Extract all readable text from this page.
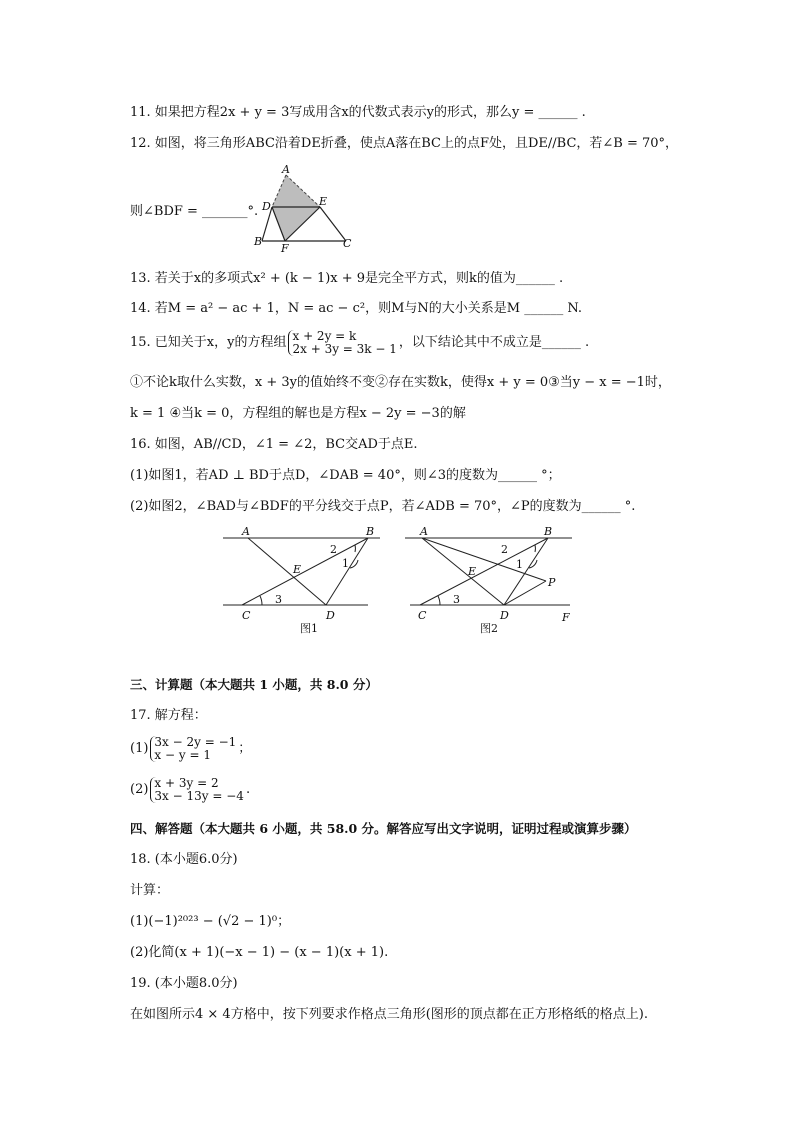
11. 如果把方程2x + y = 3写成用含x的代数式表示y的形式，那么y = ______ .
12. 如图，将三角形ABC沿着DE折叠，使点A落在BC上的点F处，且DE//BC，若∠B = 70°，
则∠BDF = _______°.
A
D	E
B
F	C
13. 若关于x的多项式x² + (k − 1)x + 9是完全平方式，则k的值为______ .
14. 若M = a² − ac + 1，N = ac − c²，则M与N的大小关系是M ______ N.
15. 已知关于x，y的方程组 x + 2y = k
2x + 3y = 3k − 1 ，以下结论其中不成立是______ .
①不论k取什么实数，x + 3y的值始终不变②存在实数k，使得x + y = 0③当y − x = −1时，
k = 1 ④当k = 0，方程组的解也是方程x − 2y = −3的解
16. 如图，AB//CD，∠1 = ∠2，BC交AD于点E.
(1)如图1，若AD ⊥ BD于点D，∠DAB = 40°，则∠3的度数为______ °；
(2)如图2，∠BAD与∠BDF的平分线交于点P，若∠ADB = 70°，∠P的度数为______ °.
A	B
E
C	D
2
1
3
图1
A	B
E
P
C	D	F
2
1
3
图2
三、计算题（本大题共 1 小题，共 8.0 分）
17. 解方程：
(1) 3x − 2y = −1
x − y = 1	；
(2) x + 3y = 2
3x − 13y = −4 .
四、解答题（本大题共 6 小题，共 58.0 分。解答应写出文字说明，证明过程或演算步骤）
18. (本小题6.0分)
计算：
(1)(−1)²⁰²³ − (√2 − 1)⁰；
(2)化简(x + 1)(−x − 1) − (x − 1)(x + 1).
19. (本小题8.0分)
在如图所示4 × 4方格中，按下列要求作格点三角形(图形的顶点都在正方形格纸的格点上).
